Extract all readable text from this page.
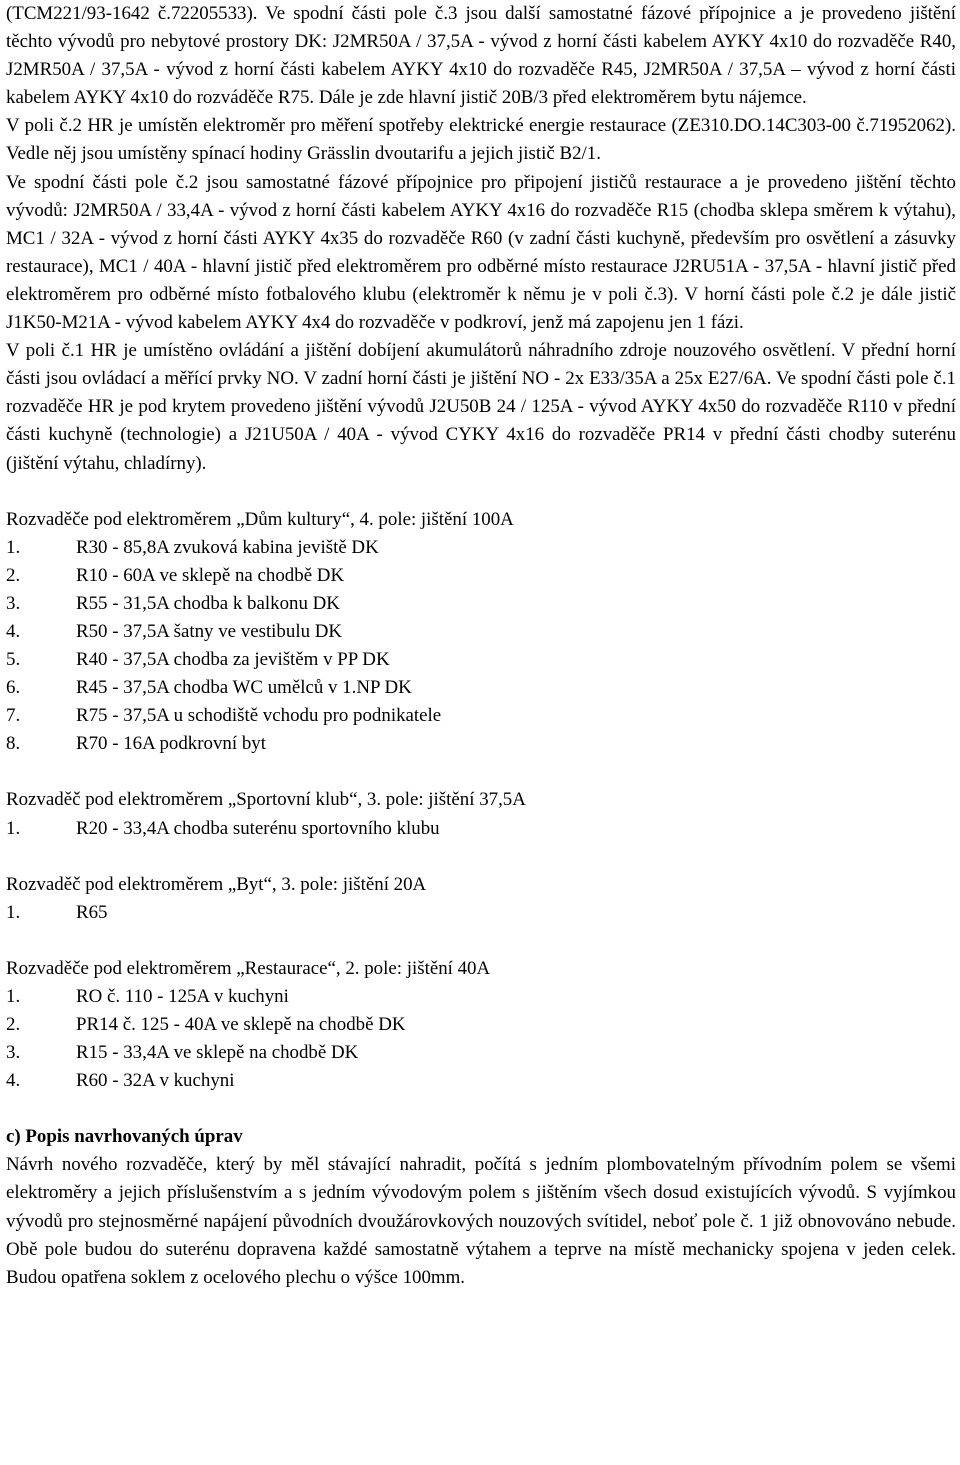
(TCM221/93-1642 č.72205533). Ve spodní části pole č.3 jsou další samostatné fázové přípojnice a je provedeno jištění těchto vývodů pro nebytové prostory DK: J2MR50A / 37,5A - vývod z horní části kabelem AYKY 4x10 do rozvaděče R40, J2MR50A / 37,5A - vývod z horní části kabelem AYKY 4x10 do rozvaděče R45, J2MR50A / 37,5A – vývod z horní části kabelem AYKY 4x10 do rozváděče R75. Dále je zde hlavní jistič 20B/3 před elektroměrem bytu nájemce.

V poli č.2 HR je umístěn elektroměr pro měření spotřeby elektrické energie restaurace (ZE310.DO.14C303-00 č.71952062). Vedle něj jsou umístěny spínací hodiny Grässlin dvoutarifu a jejich jistič B2/1.

Ve spodní části pole č.2 jsou samostatné fázové přípojnice pro připojení jističů restaurace a je provedeno jištění těchto vývodů: J2MR50A / 33,4A - vývod z horní části kabelem AYKY 4x16 do rozvaděče R15 (chodba sklepa směrem k výtahu), MC1 / 32A - vývod z horní části AYKY 4x35 do rozvaděče R60 (v zadní části kuchyně, především pro osvětlení a zásuvky restaurace), MC1 / 40A - hlavní jistič před elektroměrem pro odběrné místo restaurace J2RU51A - 37,5A - hlavní jistič před elektroměrem pro odběrné místo fotbalového klubu (elektroměr k němu je v poli č.3). V horní části pole č.2 je dále jistič J1K50-M21A - vývod kabelem AYKY 4x4 do rozvaděče v podkroví, jenž má zapojenu jen 1 fázi.

V poli č.1 HR je umístěno ovládání a jištění dobíjení akumulátorů náhradního zdroje nouzového osvětlení. V přední horní části jsou ovládací a měřící prvky NO. V zadní horní části je jištění NO - 2x E33/35A a 25x E27/6A. Ve spodní části pole č.1 rozvaděče HR je pod krytem provedeno jištění vývodů J2U50B 24 / 125A - vývod AYKY 4x50 do rozvaděče R110 v přední části kuchyně (technologie) a J21U50A / 40A - vývod CYKY 4x16 do rozvaděče PR14 v přední části chodby suterénu (jištění výtahu, chladírny).

Rozvaděče pod elektroměrem „Dům kultury“, 4. pole: jištění 100A

1.	R30 - 85,8A zvuková kabina jeviště DK
2.	R10 - 60A ve sklepě na chodbě DK
3.	R55 - 31,5A chodba k balkonu DK
4.	R50 - 37,5A šatny ve vestibulu DK
5.	R40 - 37,5A chodba za jevištěm v PP DK
6.	R45 - 37,5A chodba WC umělců v 1.NP DK
7.	R75 - 37,5A u schodiště vchodu pro podnikatele
8.	R70 - 16A podkrovní byt

Rozvaděč pod elektroměrem „Sportovní klub“, 3. pole: jištění 37,5A

1.	R20 - 33,4A chodba suterénu sportovního klubu

Rozvaděč pod elektroměrem „Byt“, 3. pole: jištění 20A

1.	R65

Rozvaděče pod elektroměrem „Restaurace“, 2. pole: jištění 40A

1.	RO č. 110 - 125A v kuchyni
2.	PR14 č. 125 - 40A ve sklepě na chodbě DK
3.	R15 - 33,4A ve sklepě na chodbě DK
4.	R60 - 32A v kuchyni

c) Popis navrhovaných úprav

Návrh nového rozvaděče, který by měl stávající nahradit, počítá s jedním plombovatelným přívodním polem se všemi elektroměry a jejich příslušenstvím a s jedním vývodovým polem s jištěním všech dosud existujících vývodů. S vyjímkou vývodů pro stejnosměrné napájení původních dvoužárovkových nouzových svítidel, neboť pole č. 1 již obnovováno nebude. Obě pole budou do suterénu dopravena každé samostatně výtahem a teprve na místě mechanicky spojena v jeden celek. Budou opatřena soklem z ocelového plechu o výšce 100mm.
